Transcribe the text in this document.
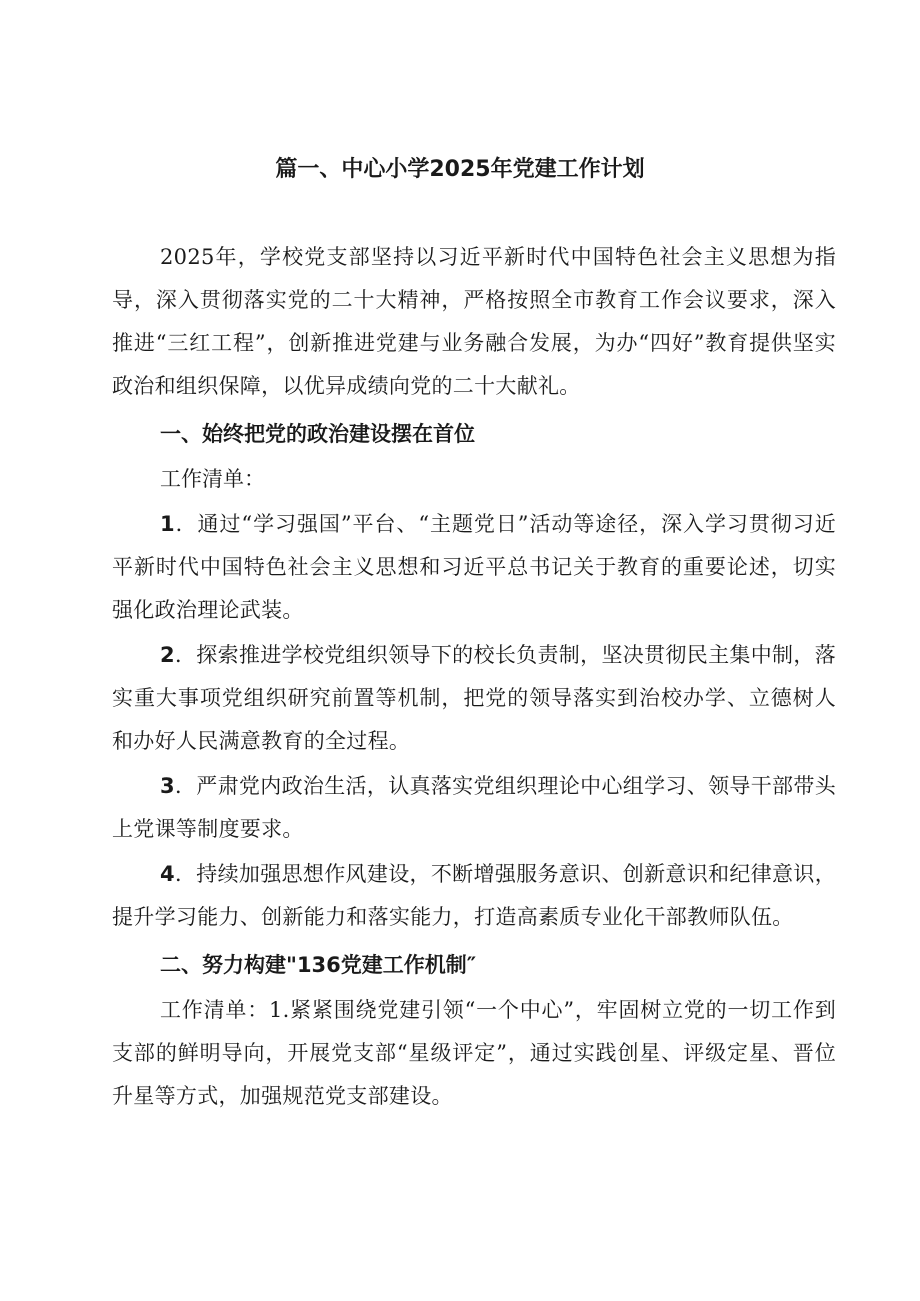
篇一、中心小学2025年党建工作计划

2025年，学校党支部坚持以习近平新时代中国特色社会主义思想为指导，深入贯彻落实党的二十大精神，严格按照全市教育工作会议要求，深入推进“三红工程”，创新推进党建与业务融合发展，为办“四好”教育提供坚实政治和组织保障，以优异成绩向党的二十大献礼。

一、始终把党的政治建设摆在首位

工作清单：

1．通过“学习强国”平台、“主题党日”活动等途径，深入学习贯彻习近平新时代中国特色社会主义思想和习近平总书记关于教育的重要论述，切实强化政治理论武装。

2．探索推进学校党组织领导下的校长负责制，坚决贯彻民主集中制，落实重大事项党组织研究前置等机制，把党的领导落实到治校办学、立德树人和办好人民满意教育的全过程。

3．严肃党内政治生活，认真落实党组织理论中心组学习、领导干部带头上党课等制度要求。

4．持续加强思想作风建设，不断增强服务意识、创新意识和纪律意识，提升学习能力、创新能力和落实能力，打造高素质专业化干部教师队伍。

二、努力构建"136党建工作机制″

工作清单：1.紧紧围绕党建引领“一个中心”，牢固树立党的一切工作到支部的鲜明导向，开展党支部“星级评定”，通过实践创星、评级定星、晋位升星等方式，加强规范党支部建设。
